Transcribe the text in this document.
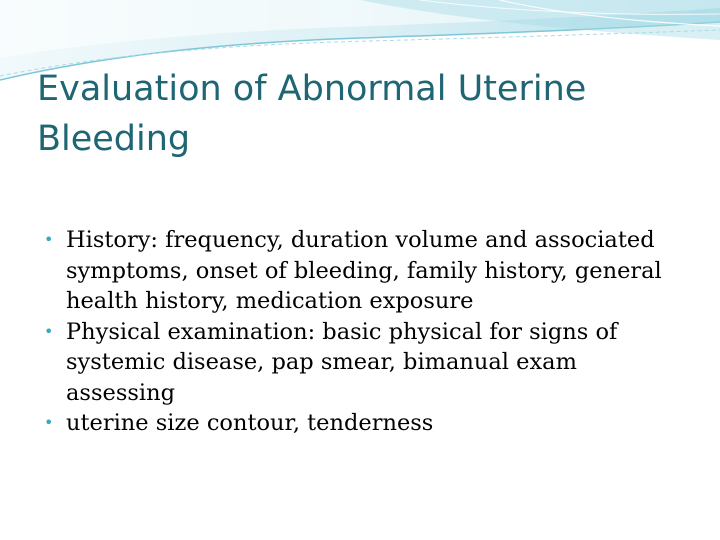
Evaluation of Abnormal Uterine Bleeding
• History: frequency, duration volume and associated symptoms, onset of bleeding, family history, general health history, medication exposure
• Physical examination: basic physical for signs of systemic disease, pap smear, bimanual exam assessing
• uterine size contour, tenderness
